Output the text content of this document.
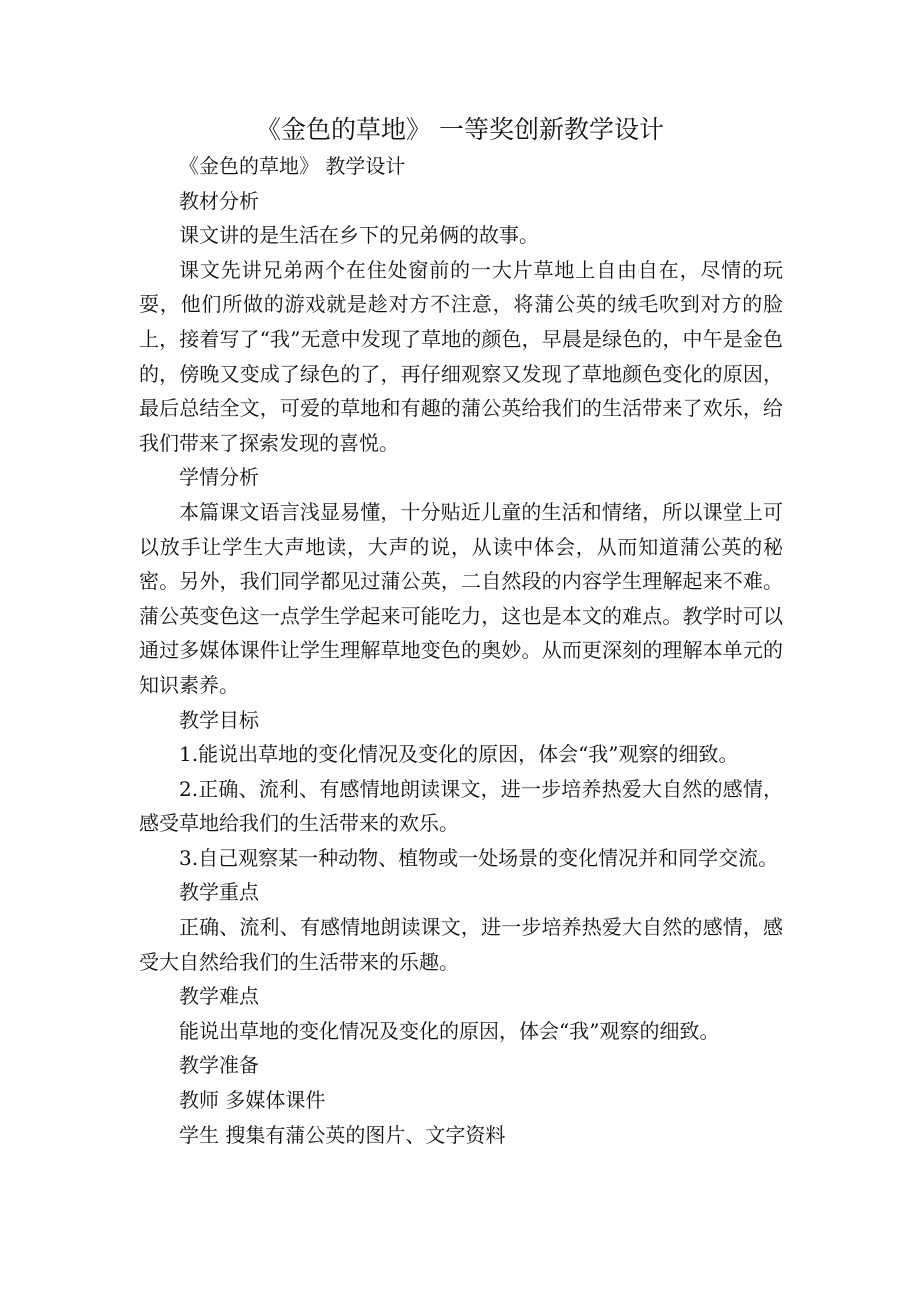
《金色的草地》 一等奖创新教学设计

《金色的草地》 教学设计

教材分析

课文讲的是生活在乡下的兄弟俩的故事。

课文先讲兄弟两个在住处窗前的一大片草地上自由自在，尽情的玩耍，他们所做的游戏就是趁对方不注意，将蒲公英的绒毛吹到对方的脸上，接着写了“我”无意中发现了草地的颜色，早晨是绿色的，中午是金色的，傍晚又变成了绿色的了，再仔细观察又发现了草地颜色变化的原因，最后总结全文，可爱的草地和有趣的蒲公英给我们的生活带来了欢乐，给我们带来了探索发现的喜悦。

学情分析

本篇课文语言浅显易懂，十分贴近儿童的生活和情绪，所以课堂上可以放手让学生大声地读，大声的说，从读中体会，从而知道蒲公英的秘密。另外，我们同学都见过蒲公英，二自然段的内容学生理解起来不难。蒲公英变色这一点学生学起来可能吃力，这也是本文的难点。教学时可以通过多媒体课件让学生理解草地变色的奥妙。从而更深刻的理解本单元的知识素养。

教学目标

1.能说出草地的变化情况及变化的原因，体会“我”观察的细致。

2.正确、流利、有感情地朗读课文，进一步培养热爱大自然的感情，感受草地给我们的生活带来的欢乐。

3.自己观察某一种动物、植物或一处场景的变化情况并和同学交流。

教学重点

正确、流利、有感情地朗读课文，进一步培养热爱大自然的感情，感受大自然给我们的生活带来的乐趣。

教学难点

能说出草地的变化情况及变化的原因，体会“我”观察的细致。

教学准备

教师 多媒体课件

学生 搜集有蒲公英的图片、文字资料
